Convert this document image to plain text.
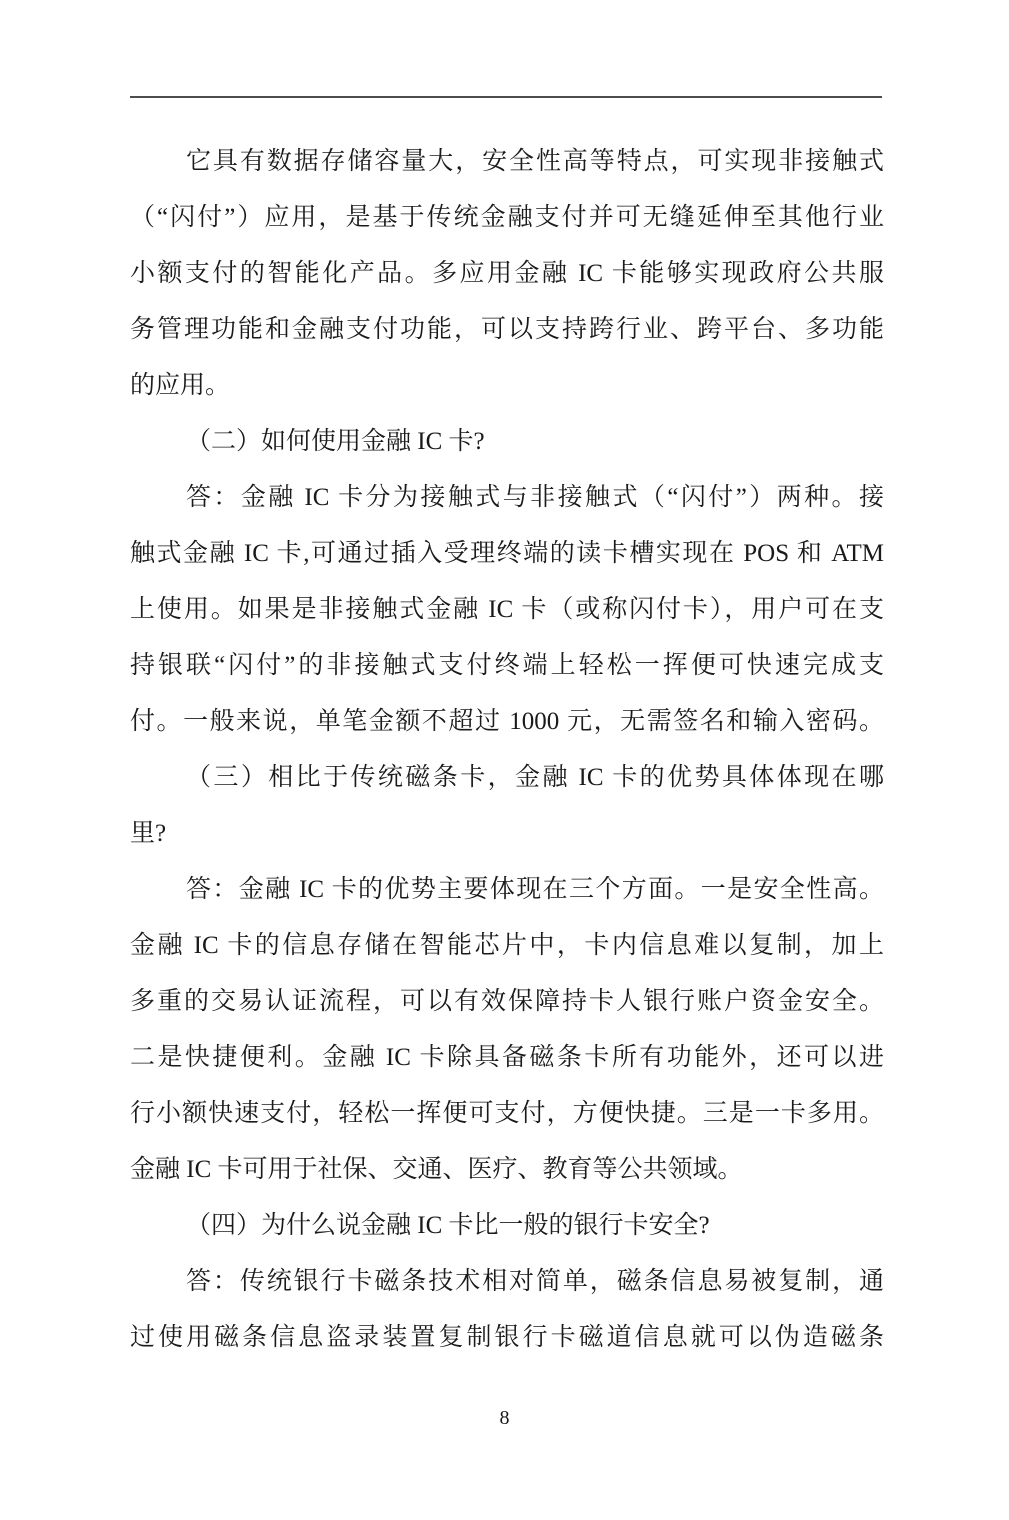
它具有数据存储容量大，安全性高等特点，可实现非接触式
（“闪付”）应用，是基于传统金融支付并可无缝延伸至其他行业
小额支付的智能化产品。多应用金融 IC 卡能够实现政府公共服
务管理功能和金融支付功能，可以支持跨行业、跨平台、多功能
的应用。
（二）如何使用金融 IC 卡?
答：金融 IC 卡分为接触式与非接触式（“闪付”）两种。接
触式金融 IC 卡,可通过插入受理终端的读卡槽实现在 POS 和 ATM
上使用。如果是非接触式金融 IC 卡（或称闪付卡），用户可在支
持银联“闪付”的非接触式支付终端上轻松一挥便可快速完成支
付。一般来说，单笔金额不超过 1000 元，无需签名和输入密码。
（三）相比于传统磁条卡，金融 IC 卡的优势具体体现在哪
里?
答：金融 IC 卡的优势主要体现在三个方面。一是安全性高。
金融 IC 卡的信息存储在智能芯片中，卡内信息难以复制，加上
多重的交易认证流程，可以有效保障持卡人银行账户资金安全。
二是快捷便利。金融 IC 卡除具备磁条卡所有功能外，还可以进
行小额快速支付，轻松一挥便可支付，方便快捷。三是一卡多用。
金融 IC 卡可用于社保、交通、医疗、教育等公共领域。
（四）为什么说金融 IC 卡比一般的银行卡安全?
答：传统银行卡磁条技术相对简单，磁条信息易被复制，通
过使用磁条信息盗录装置复制银行卡磁道信息就可以伪造磁条
8
